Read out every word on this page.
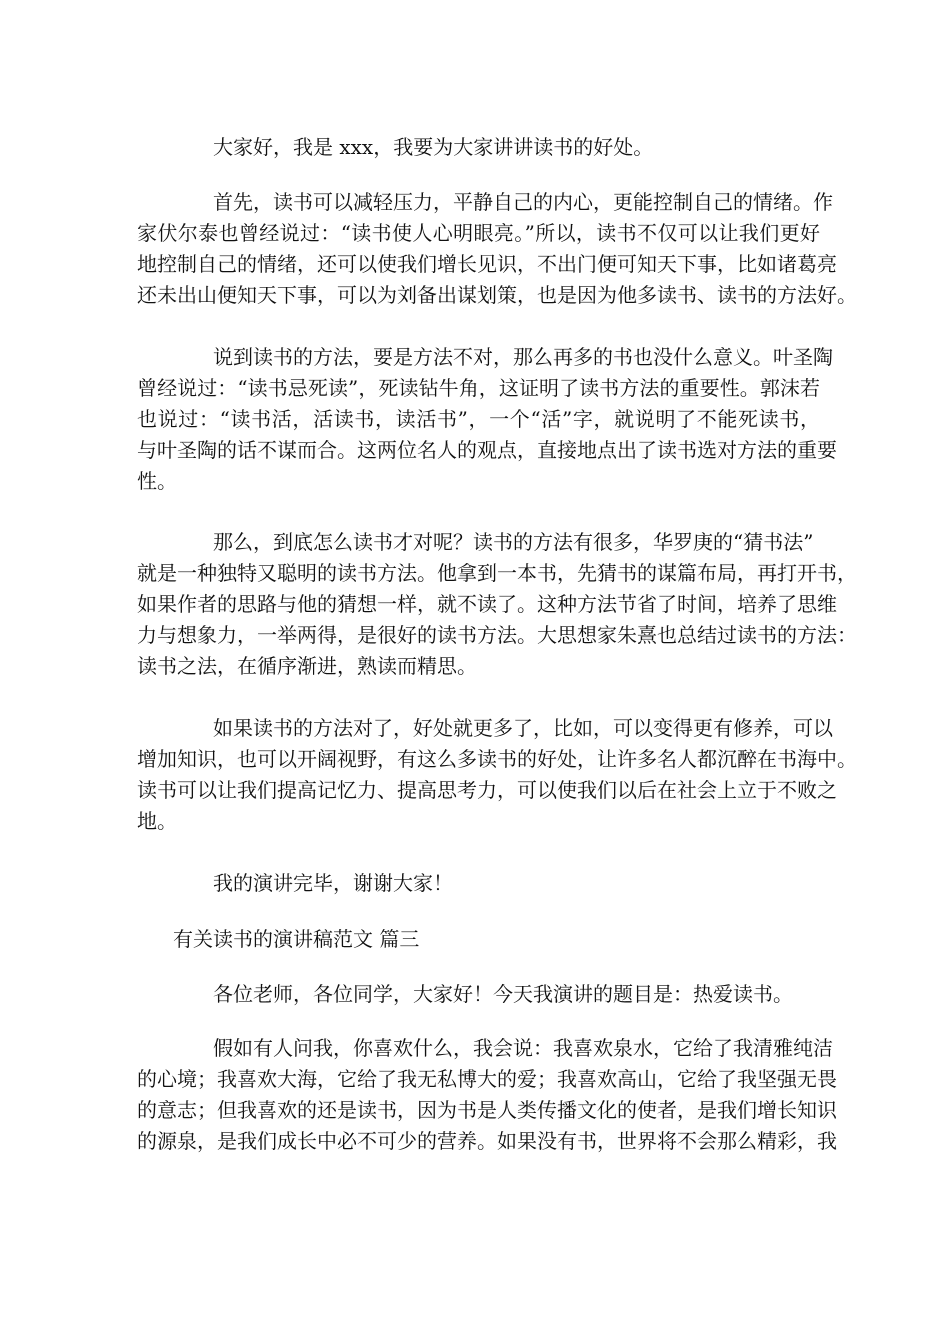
大家好，我是 xxx，我要为大家讲讲读书的好处。
首先，读书可以减轻压力，平静自己的内心，更能控制自己的情绪。作
家伏尔泰也曾经说过：“读书使人心明眼亮。”所以，读书不仅可以让我们更好
地控制自己的情绪，还可以使我们增长见识，不出门便可知天下事，比如诸葛亮
还未出山便知天下事，可以为刘备出谋划策，也是因为他多读书、读书的方法好。
说到读书的方法，要是方法不对，那么再多的书也没什么意义。叶圣陶
曾经说过：“读书忌死读”，死读钻牛角，这证明了读书方法的重要性。郭沫若
也说过：“读书活，活读书，读活书”，一个“活”字，就说明了不能死读书，
与叶圣陶的话不谋而合。这两位名人的观点，直接地点出了读书选对方法的重要
性。
那么，到底怎么读书才对呢？读书的方法有很多，华罗庚的“猜书法”
就是一种独特又聪明的读书方法。他拿到一本书，先猜书的谋篇布局，再打开书，
如果作者的思路与他的猜想一样，就不读了。这种方法节省了时间，培养了思维
力与想象力，一举两得，是很好的读书方法。大思想家朱熹也总结过读书的方法：
读书之法，在循序渐进，熟读而精思。
如果读书的方法对了，好处就更多了，比如，可以变得更有修养，可以
增加知识，也可以开阔视野，有这么多读书的好处，让许多名人都沉醉在书海中。
读书可以让我们提高记忆力、提高思考力，可以使我们以后在社会上立于不败之
地。
我的演讲完毕，谢谢大家！
有关读书的演讲稿范文 篇三
各位老师，各位同学，大家好！今天我演讲的题目是：热爱读书。
假如有人问我，你喜欢什么，我会说：我喜欢泉水，它给了我清雅纯洁
的心境；我喜欢大海，它给了我无私博大的爱；我喜欢高山，它给了我坚强无畏
的意志；但我喜欢的还是读书，因为书是人类传播文化的使者，是我们增长知识
的源泉，是我们成长中必不可少的营养。如果没有书，世界将不会那么精彩，我
